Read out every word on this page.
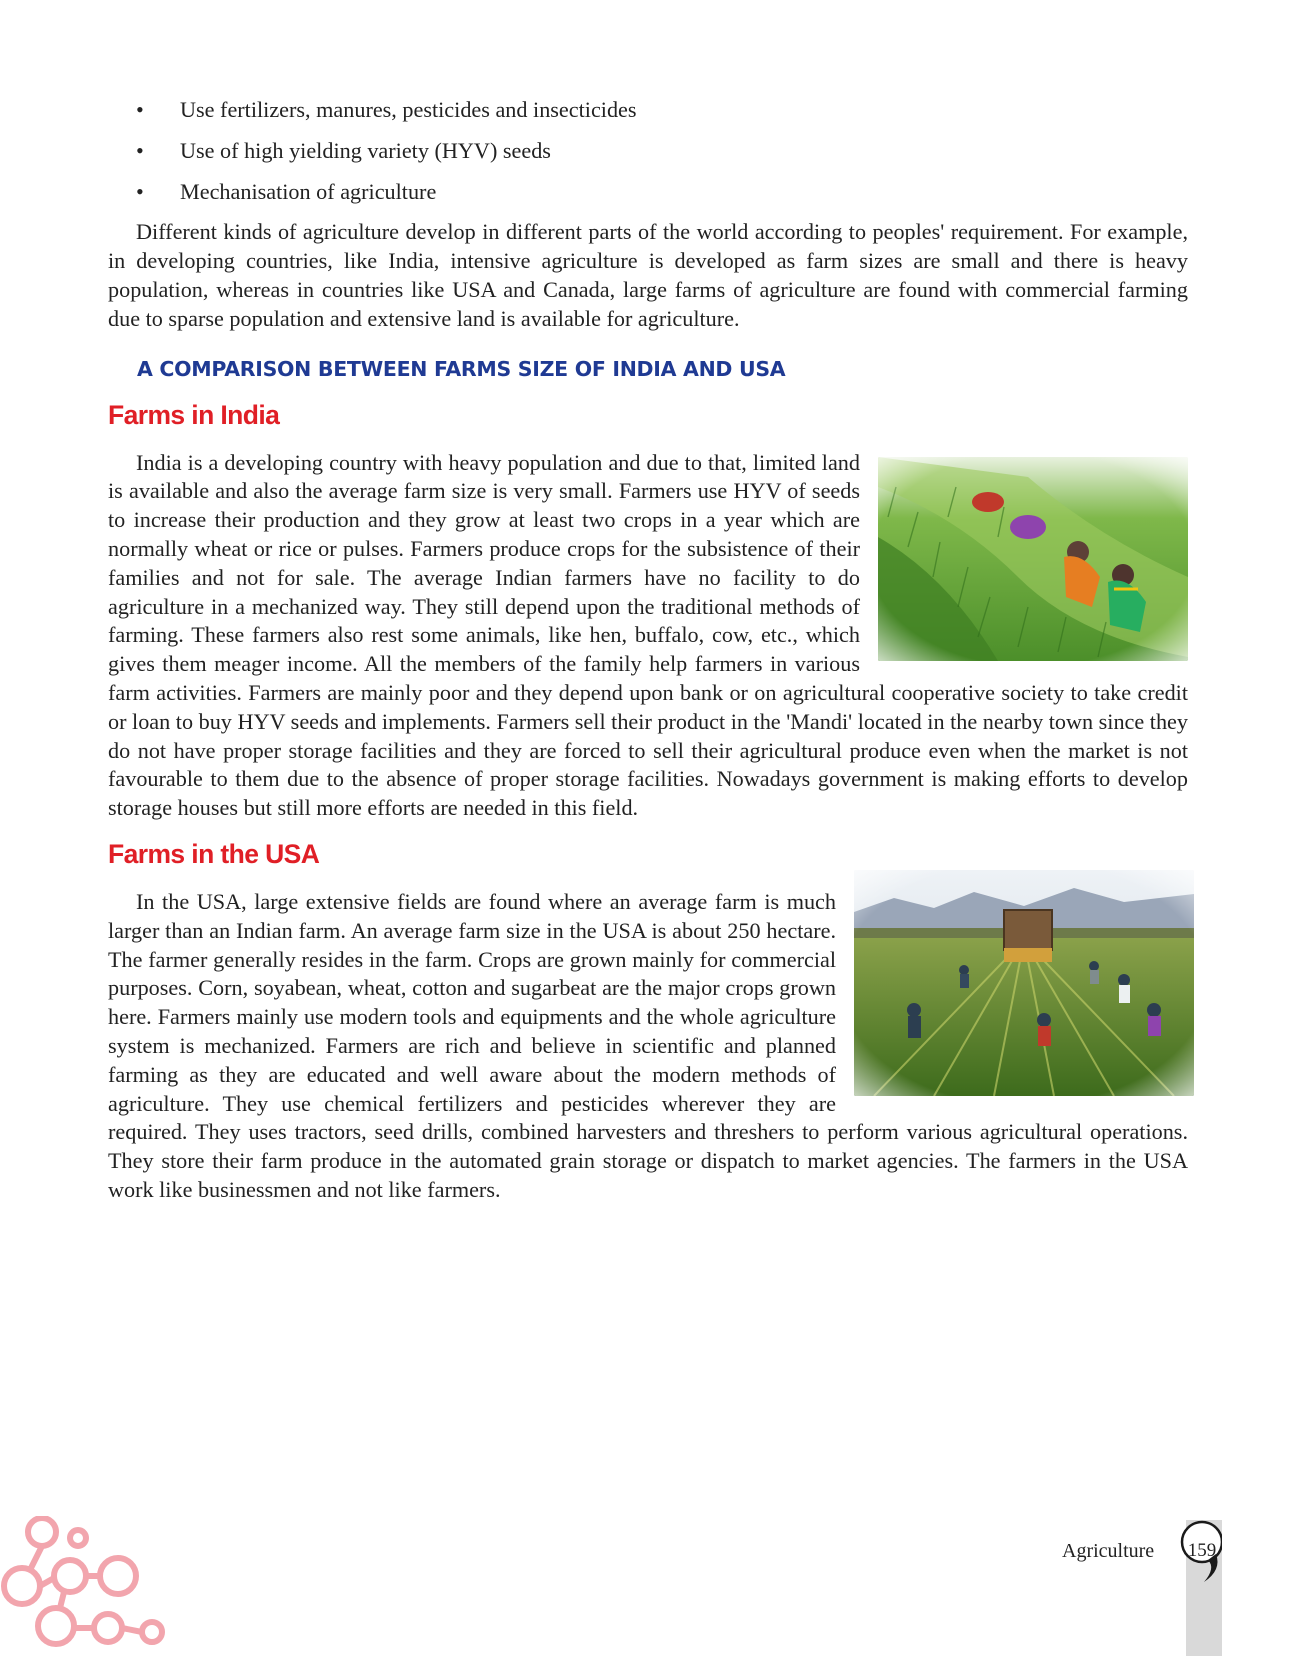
• Use fertilizers, manures, pesticides and insecticides
• Use of high yielding variety (HYV) seeds
• Mechanisation of agriculture

Different kinds of agriculture develop in different parts of the world according to peoples' requirement. For example, in developing countries, like India, intensive agriculture is developed as farm sizes are small and there is heavy population, whereas in countries like USA and Canada, large farms of agriculture are found with commercial farming due to sparse population and extensive land is available for agriculture.

A COMPARISON BETWEEN FARMS SIZE OF INDIA AND USA
Farms in India

India is a developing country with heavy population and due to that, limited land is available and also the average farm size is very small. Farmers use HYV of seeds to increase their production and they grow at least two crops in a year which are normally wheat or rice or pulses. Farmers produce crops for the subsistence of their families and not for sale. The average Indian farmers have no facility to do agriculture in a mechanized way. They still depend upon the traditional methods of farming. These farmers also rest some animals, like hen, buffalo, cow, etc., which gives them meager income. All the members of the family help farmers in various farm activities. Farmers are mainly poor and they depend upon bank or on agricultural cooperative society to take credit or loan to buy HYV seeds and implements. Farmers sell their product in the 'Mandi' located in the nearby town since they do not have proper storage facilities and they are forced to sell their agricultural produce even when the market is not favourable to them due to the absence of proper storage facilities. Nowadays government is making efforts to develop storage houses but still more efforts are needed in this field.

Farms in the USA

In the USA, large extensive fields are found where an average farm is much larger than an Indian farm. An average farm size in the USA is about 250 hectare. The farmer generally resides in the farm. Crops are grown mainly for commercial purposes. Corn, soyabean, wheat, cotton and sugarbeat are the major crops grown here. Farmers mainly use modern tools and equipments and the whole agriculture system is mechanized. Farmers are rich and believe in scientific and planned farming as they are educated and well aware about the modern methods of agriculture. They use chemical fertilizers and pesticides wherever they are required. They uses tractors, seed drills, combined harvesters and threshers to perform various agricultural operations. They store their farm produce in the automated grain storage or dispatch to market agencies. The farmers in the USA work like businessmen and not like farmers.

Agriculture	159
